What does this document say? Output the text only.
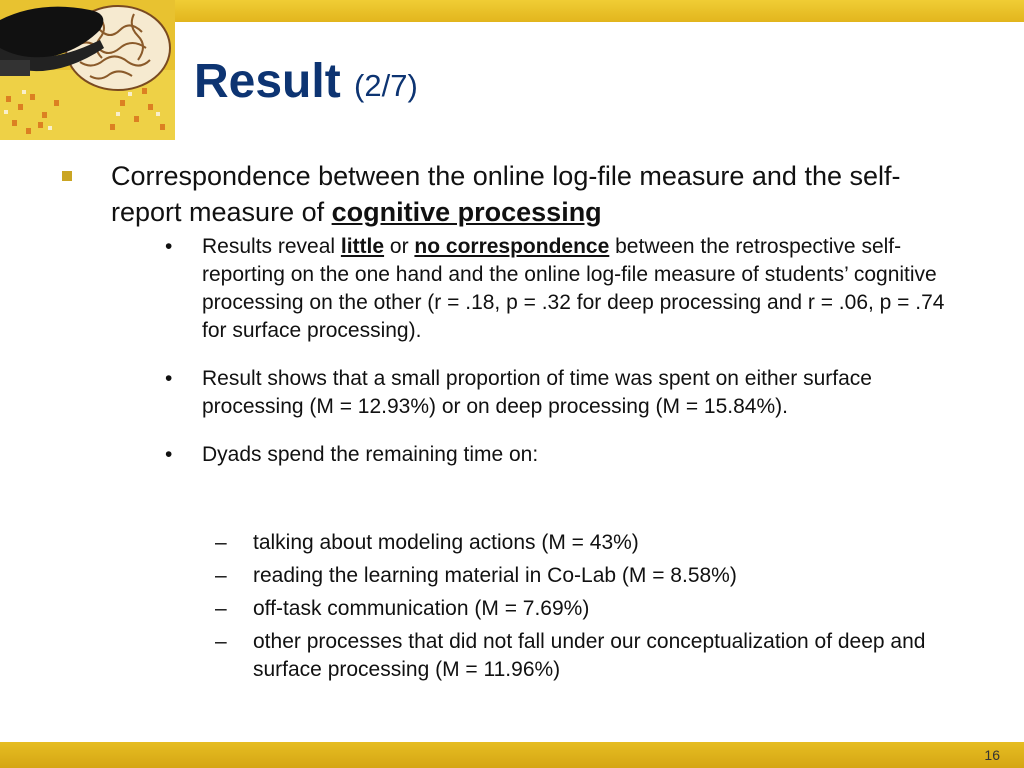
Result (2/7)
Correspondence between the online log-file measure and the self-report measure of cognitive processing
• Results reveal little or no correspondence between the retrospective self-reporting on the one hand and the online log-file measure of students’ cognitive processing on the other (r = .18, p = .32 for deep processing and r = .06, p = .74 for surface processing).
• Result shows that a small proportion of time was spent on either surface processing (M = 12.93%) or on deep processing (M = 15.84%).
• Dyads spend the remaining time on:
– talking about modeling actions (M = 43%)
– reading the learning material in Co-Lab (M = 8.58%)
– off-task communication (M = 7.69%)
– other processes that did not fall under our conceptualization of deep and surface processing (M = 11.96%)
16
